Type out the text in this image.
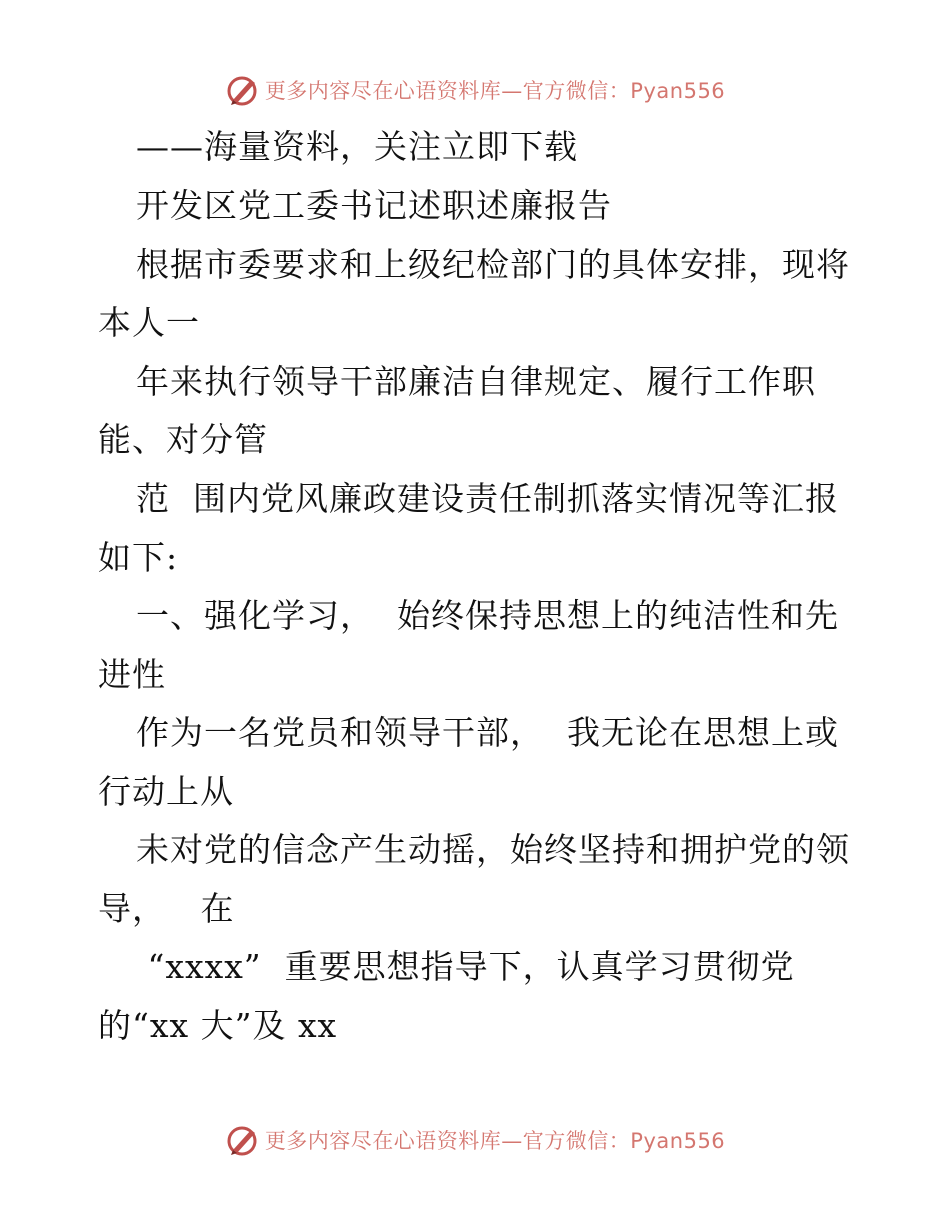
更多内容尽在心语资料库—官方微信：Pyan556
——海量资料，关注立即下载
开发区党工委书记述职述廉报告
根据市委要求和上级纪检部门的具体安排，现将
本人一
年来执行领导干部廉洁自律规定、履行工作职
能、对分管
范  围内党风廉政建设责任制抓落实情况等汇报
如下:
一、强化学习，  始终保持思想上的纯洁性和先
进性
作为一名党员和领导干部，  我无论在思想上或
行动上从
未对党的信念产生动摇，始终坚持和拥护党的领
导，   在
“xxxx”  重要思想指导下，认真学习贯彻党
的“xx 大”及 xx
更多内容尽在心语资料库—官方微信：Pyan556
